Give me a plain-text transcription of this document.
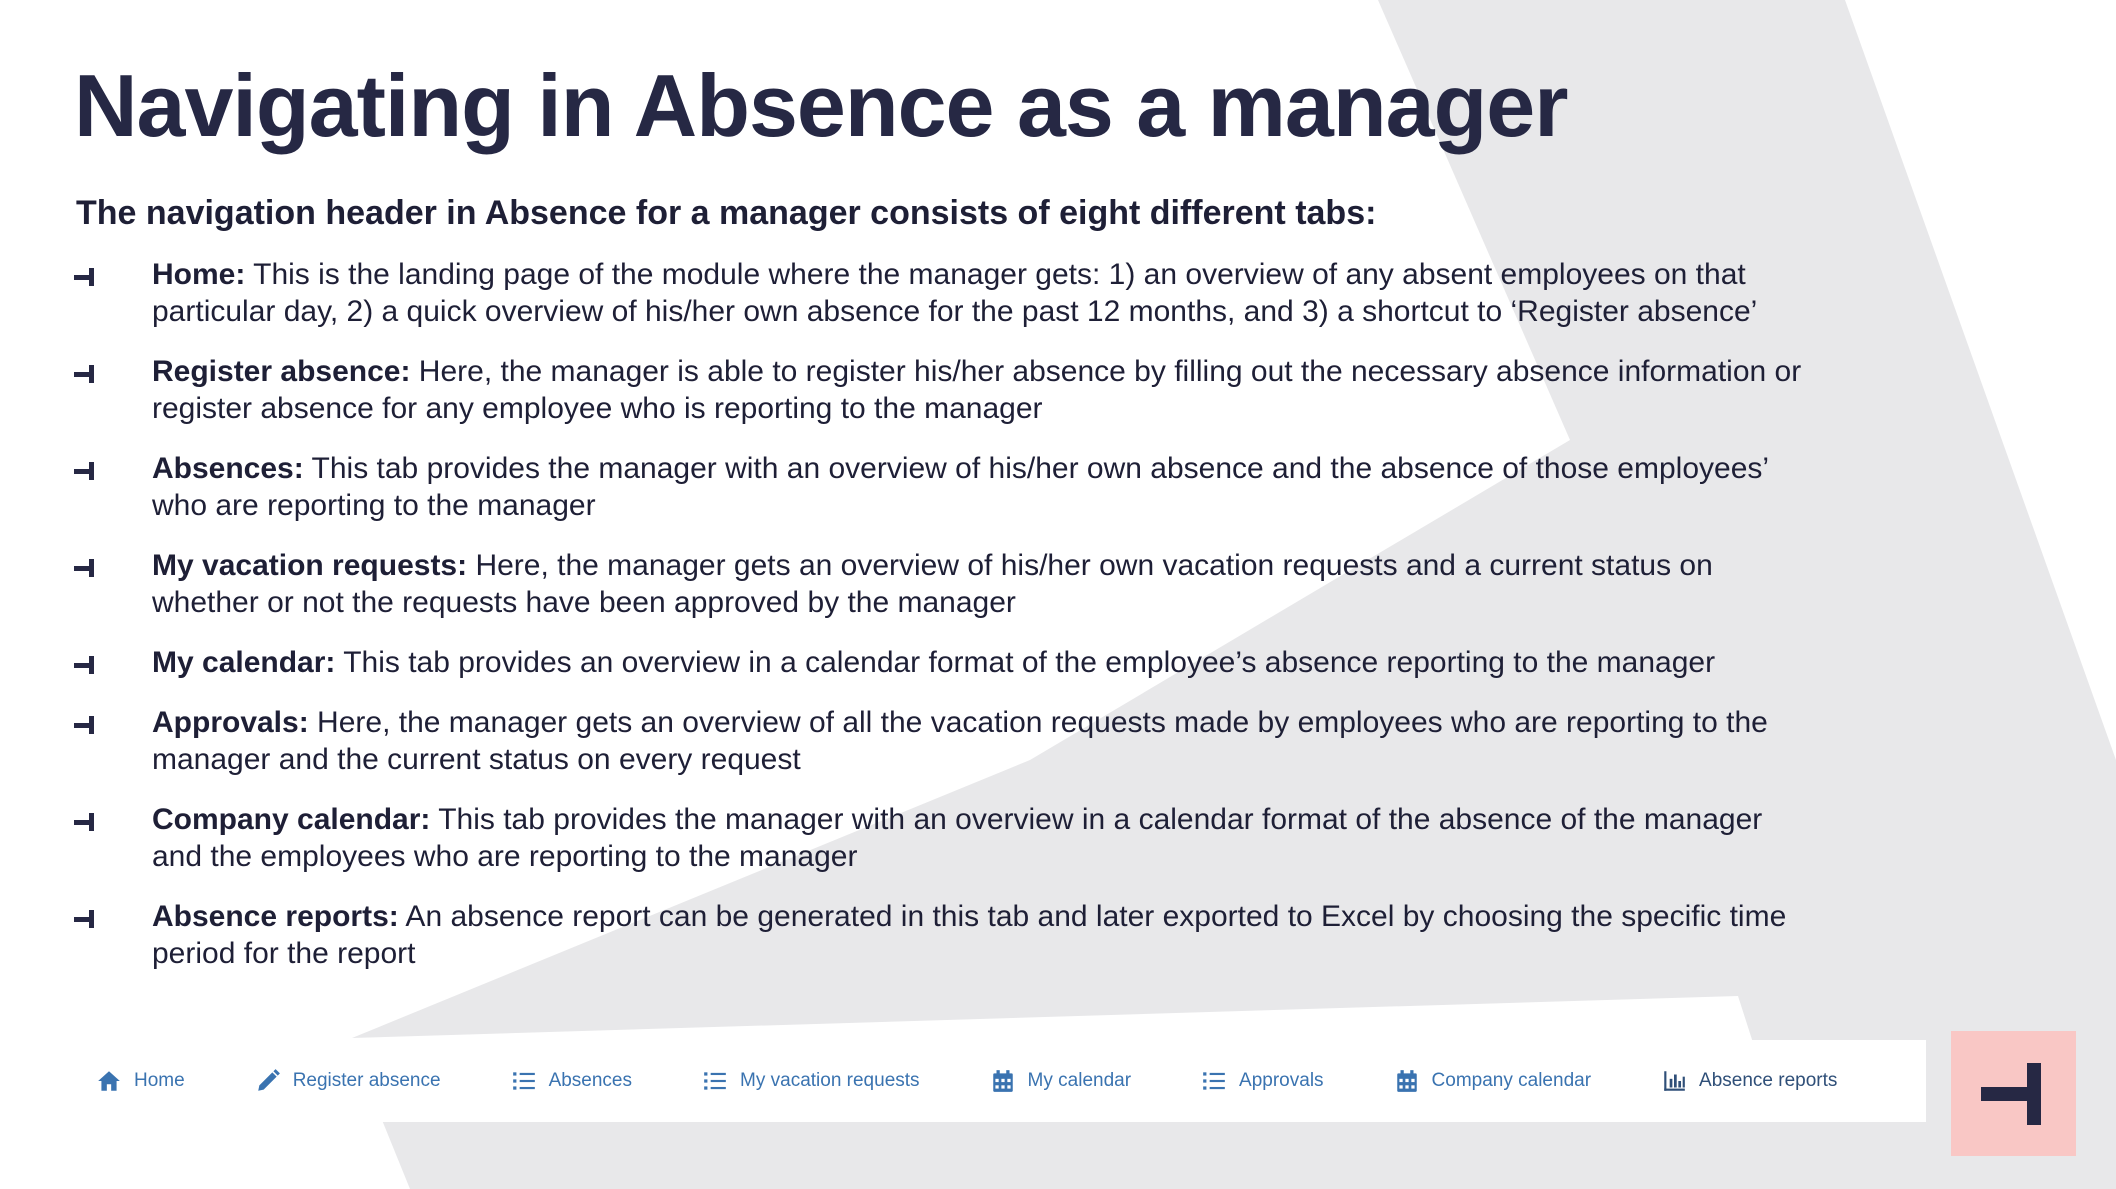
Navigating in Absence as a manager
The navigation header in Absence for a manager consists of eight different tabs:
Home: This is the landing page of the module where the manager gets: 1) an overview of any absent employees on that
particular day, 2) a quick overview of his/her own absence for the past 12 months, and 3) a shortcut to ‘Register absence’
Register absence: Here, the manager is able to register his/her absence by filling out the necessary absence information or
register absence for any employee who is reporting to the manager
Absences: This tab provides the manager with an overview of his/her own absence and the absence of those employees’
who are reporting to the manager
My vacation requests: Here, the manager gets an overview of his/her own vacation requests and a current status on
whether or not the requests have been approved by the manager
My calendar: This tab provides an overview in a calendar format of the employee’s absence reporting to the manager
Approvals: Here, the manager gets an overview of all the vacation requests made by employees who are reporting to the
manager and the current status on every request
Company calendar: This tab provides the manager with an overview in a calendar format of the absence of the manager
and the employees who are reporting to the manager
Absence reports: An absence report can be generated in this tab and later exported to Excel by choosing the specific time
period for the report
Home	Register absence	Absences	My vacation requests	My calendar	Approvals	Company calendar	Absence reports
